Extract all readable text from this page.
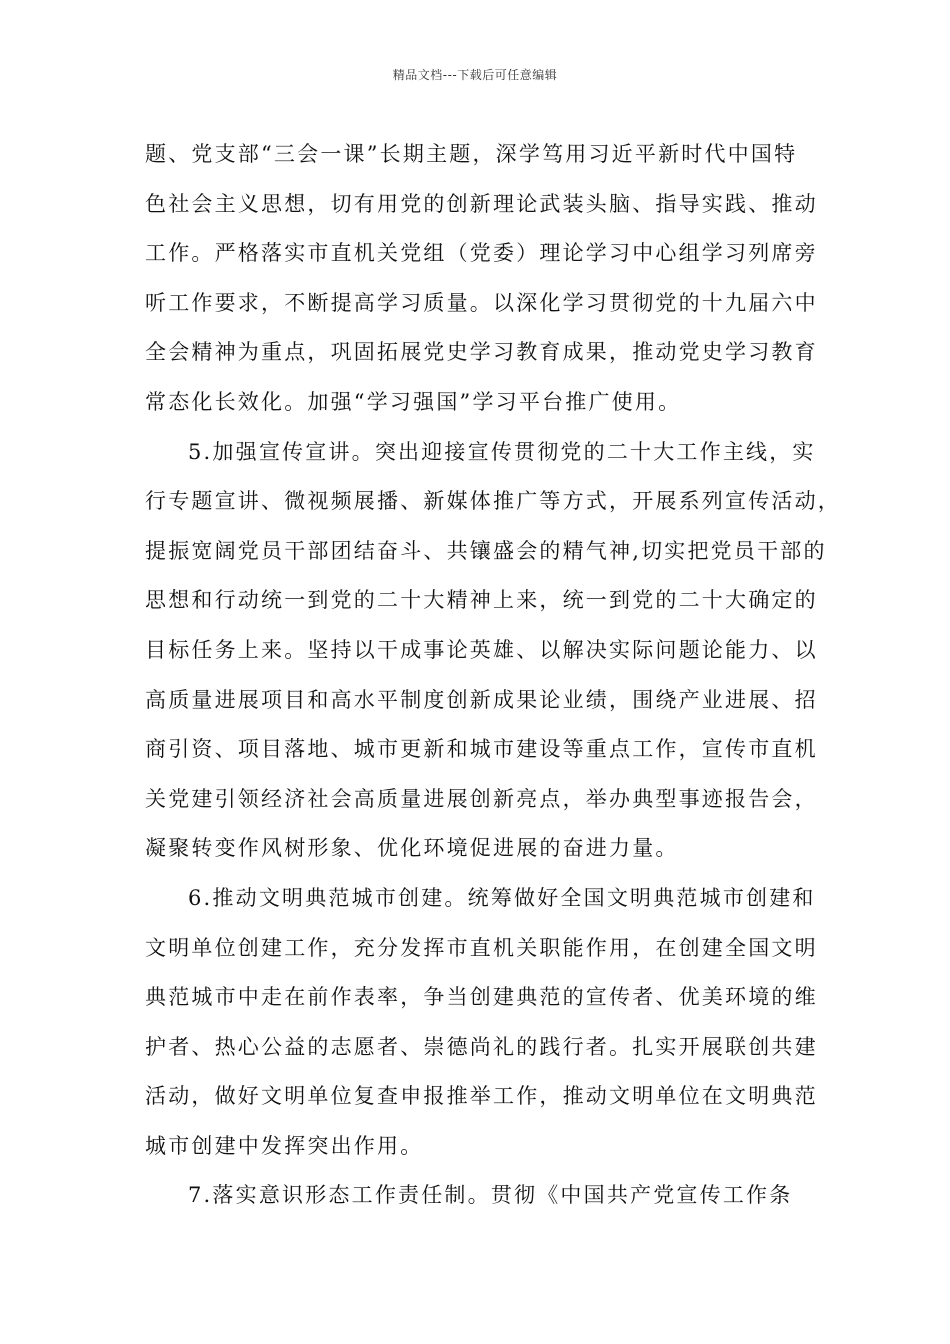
精品文档---下载后可任意编辑
题、党支部“三会一课”长期主题，深学笃用习近平新时代中国特
色社会主义思想，切有用党的创新理论武装头脑、指导实践、推动
工作。严格落实市直机关党组（党委）理论学习中心组学习列席旁
听工作要求，不断提高学习质量。以深化学习贯彻党的十九届六中
全会精神为重点，巩固拓展党史学习教育成果，推动党史学习教育
常态化长效化。加强“学习强国”学习平台推广使用。
5.加强宣传宣讲。突出迎接宣传贯彻党的二十大工作主线，实
行专题宣讲、微视频展播、新媒体推广等方式，开展系列宣传活动，
提振宽阔党员干部团结奋斗、共镶盛会的精气神,切实把党员干部的
思想和行动统一到党的二十大精神上来，统一到党的二十大确定的
目标任务上来。坚持以干成事论英雄、以解决实际问题论能力、以
高质量进展项目和高水平制度创新成果论业绩，围绕产业进展、招
商引资、项目落地、城市更新和城市建设等重点工作，宣传市直机
关党建引领经济社会高质量进展创新亮点，举办典型事迹报告会，
凝聚转变作风树形象、优化环境促进展的奋进力量。
6.推动文明典范城市创建。统筹做好全国文明典范城市创建和
文明单位创建工作，充分发挥市直机关职能作用，在创建全国文明
典范城市中走在前作表率，争当创建典范的宣传者、优美环境的维
护者、热心公益的志愿者、崇德尚礼的践行者。扎实开展联创共建
活动，做好文明单位复查申报推举工作，推动文明单位在文明典范
城市创建中发挥突出作用。
7.落实意识形态工作责任制。贯彻《中国共产党宣传工作条
